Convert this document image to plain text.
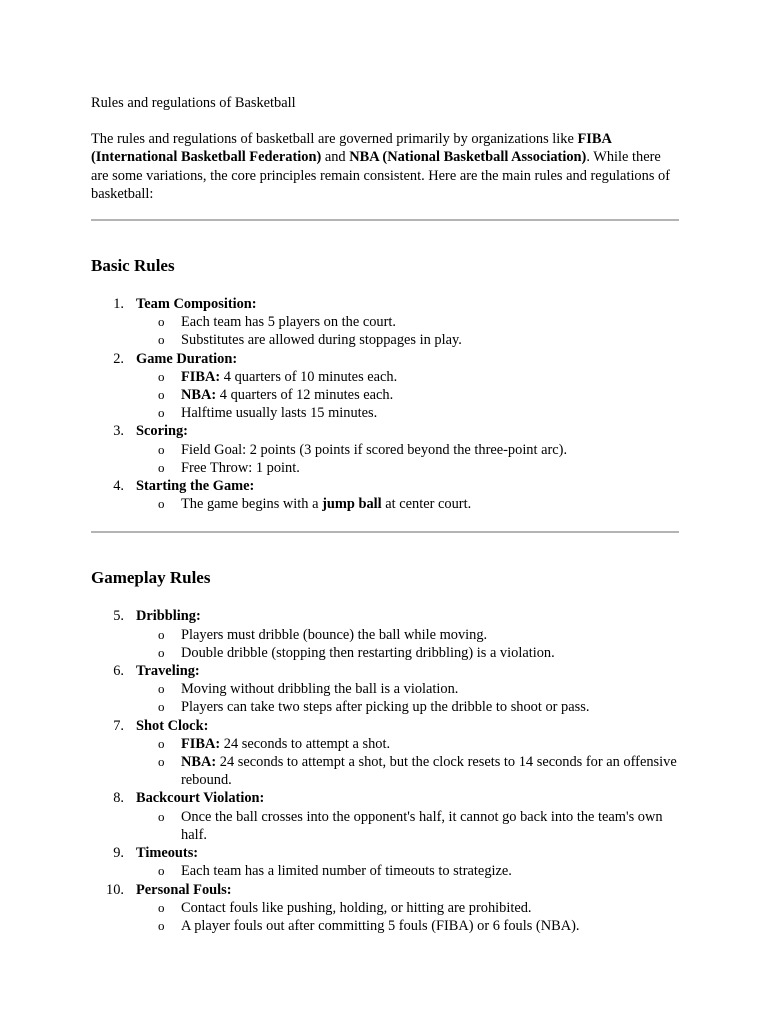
Rules and regulations of Basketball

The rules and regulations of basketball are governed primarily by organizations like FIBA (International Basketball Federation) and NBA (National Basketball Association). While there are some variations, the core principles remain consistent. Here are the main rules and regulations of basketball:

Basic Rules
1. Team Composition:
o Each team has 5 players on the court.
o Substitutes are allowed during stoppages in play.
2. Game Duration:
o FIBA: 4 quarters of 10 minutes each.
o NBA: 4 quarters of 12 minutes each.
o Halftime usually lasts 15 minutes.
3. Scoring:
o Field Goal: 2 points (3 points if scored beyond the three-point arc).
o Free Throw: 1 point.
4. Starting the Game:
o The game begins with a jump ball at center court.
Gameplay Rules
5. Dribbling:
o Players must dribble (bounce) the ball while moving.
o Double dribble (stopping then restarting dribbling) is a violation.
6. Traveling:
o Moving without dribbling the ball is a violation.
o Players can take two steps after picking up the dribble to shoot or pass.
7. Shot Clock:
o FIBA: 24 seconds to attempt a shot.
o NBA: 24 seconds to attempt a shot, but the clock resets to 14 seconds for an offensive rebound.
8. Backcourt Violation:
o Once the ball crosses into the opponent's half, it cannot go back into the team's own half.
9. Timeouts:
o Each team has a limited number of timeouts to strategize.
10. Personal Fouls:
o Contact fouls like pushing, holding, or hitting are prohibited.
o A player fouls out after committing 5 fouls (FIBA) or 6 fouls (NBA).
